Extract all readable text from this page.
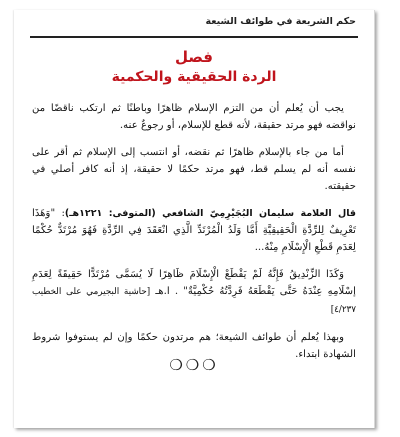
حكم الشريعة في طوائف الشيعة
فصل
الردة الحقيقية والحكمية

يجب أن يُعلم أن من التزم الإسلام ظاهرًا وباطنًا ثم ارتكب ناقضًا من نواقضه فهو مرتد حقيقة، لأنه قطع للإسلام، أو رجوعٌ عنه.

أما من جاء بالإسلام ظاهرًا ثم نقضه، أو انتسب إلى الإسلام ثم أقر على نفسه أنه لم يسلم قط، فهو مرتد حكمًا لا حقيقة، إذ أنه كافر أصلي في حقيقته.

قال العلامة سليمان البُجَيْرِمِيّ الشافعي (المتوفى: ١٢٢١هـ): "وَهَذَا تَعْرِيفٌ لِلرِّدَّةِ الْحَقِيقِيَّةِ أَمَّا وَلَدُ الْمُرْتَدِّ الَّذِي انْعَقَدَ فِي الرِّدَّةِ فَهُوَ مُرْتَدٌّ حُكْمًا لِعَدَمِ قَطْعِ الْإِسْلَامِ مِنْهُ...

وَكَذَا الزِّنْدِيقُ فَإِنَّهُ لَمْ يَقْطَعْ الْإِسْلَامَ ظَاهِرًا لَا يُسَمَّى مُرْتَدًّا حَقِيقَةً لِعَدَمِ إسْلَامِهِ عِنْدَهُ حَتَّى يَقْطَعَهُ فَرِدَّتُهُ حُكْمِيَّةٌ" . ا.هـ [حاشية البجيرمي على الخطيب ٤/٢٣٧]

وبهذا يُعلم أن طوائف الشيعة؛ هم مرتدون حكمًا وإن لم يستوفوا شروط الشهادة ابتداء.

❍❍❍
